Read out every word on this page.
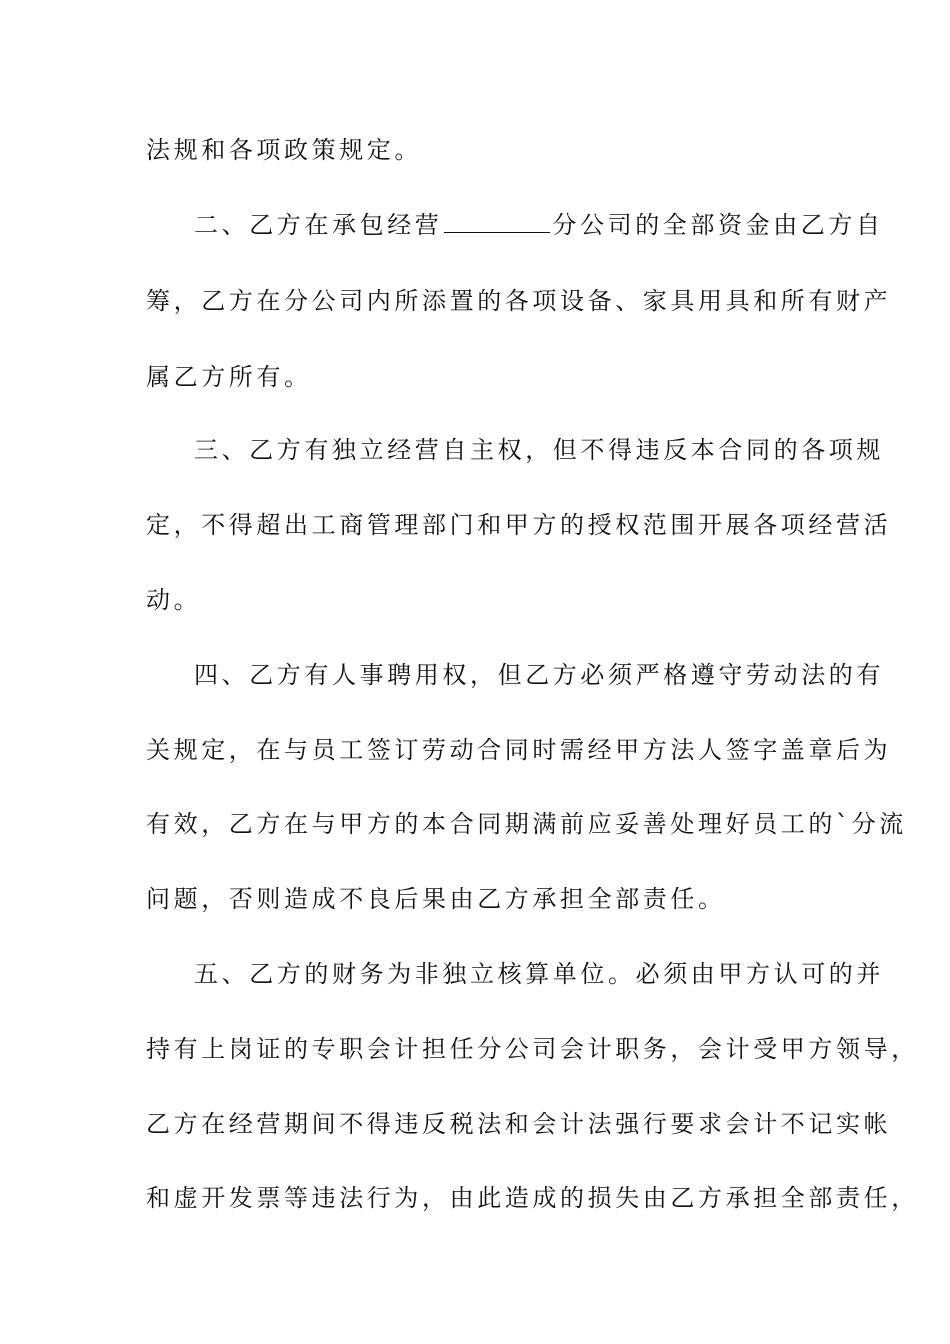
法规和各项政策规定。
二、乙方在承包经营	分公司的全部资金由乙方自
筹，乙方在分公司内所添置的各项设备、家具用具和所有财产
属乙方所有。
三、乙方有独立经营自主权，但不得违反本合同的各项规
定，不得超出工商管理部门和甲方的授权范围开展各项经营活
动。
四、乙方有人事聘用权，但乙方必须严格遵守劳动法的有
关规定，在与员工签订劳动合同时需经甲方法人签字盖章后为
有效，乙方在与甲方的本合同期满前应妥善处理好员工的`分流
问题，否则造成不良后果由乙方承担全部责任。
五、乙方的财务为非独立核算单位。必须由甲方认可的并
持有上岗证的专职会计担任分公司会计职务，会计受甲方领导，
乙方在经营期间不得违反税法和会计法强行要求会计不记实帐
和虚开发票等违法行为，由此造成的损失由乙方承担全部责任，
